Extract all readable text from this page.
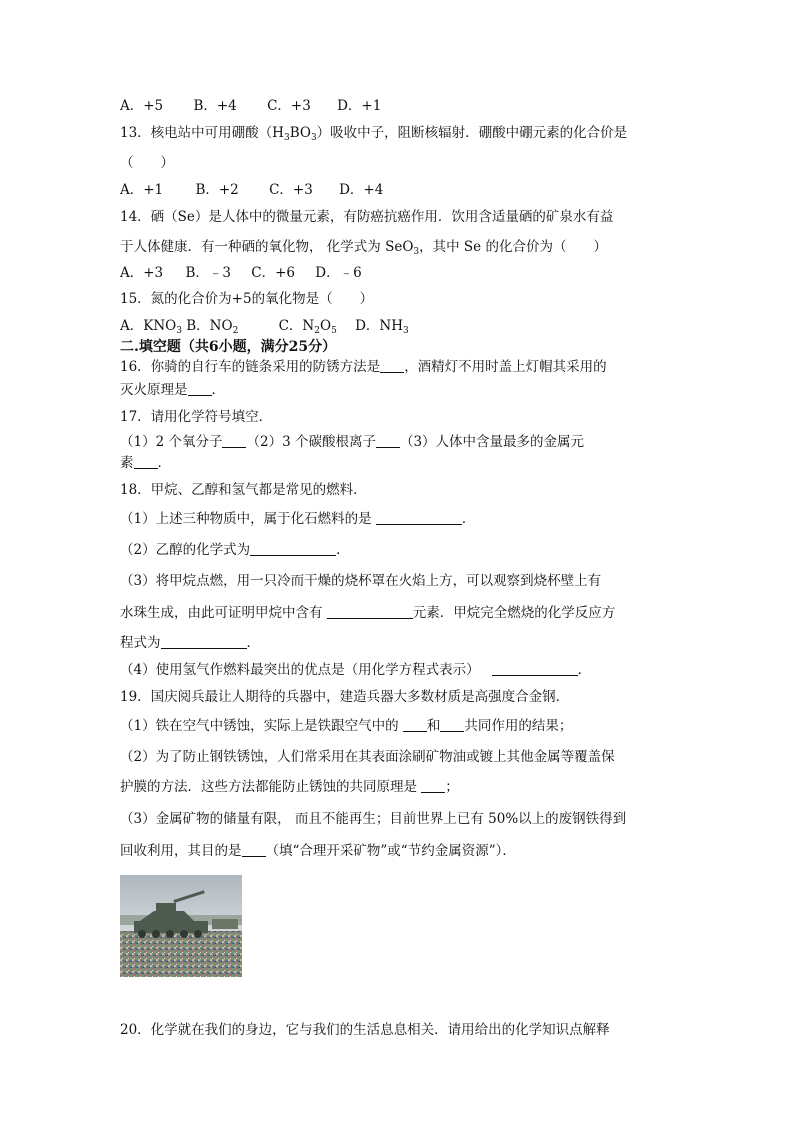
A．+5 B．+4 C．+3 D．+1
13．核电站中可用硼酸$(H_3BO_3)$吸收中子，阻断核辐射．硼酸中硼元素的化合价是
（　　）
A．+1 B．+2 C．+3 D．+4
14．硒（Se）是人体中的微量元素，有防癌抗癌作用．饮用含适量硒的矿泉水有益
于人体健康．有一种硒的氧化物， 化学式为 SeO$_3$，其中 Se 的化合价为（　　）
A．+3 B．﹣3 C．+6 D．﹣6
15．氮的化合价为+5的氧化物是（　　）
A．$KNO_3$ B．$NO_2$	C．$N_2O_5$ D．$NH_3$
二.填空题（共6小题，满分25分）
16．你骑的自行车的链条采用的防锈方法是 ，酒精灯不用时盖上灯帽其采用的
灭火原理是 ．
17．请用化学符号填空．
（1）2 个氧分子 （2）3 个碳酸根离子 （3）人体中含量最多的金属元
素 ．
18．甲烷、乙醇和氢气都是常见的燃料．
（1）上述三种物质中，属于化石燃料的是	．
（2）乙醇的化学式为	．
（3）将甲烷点燃，用一只冷而干燥的烧杯罩在火焰上方，可以观察到烧杯壁上有
水珠生成，由此可证明甲烷中含有	元素．甲烷完全燃烧的化学反应方
程式为	．
（4）使用氢气作燃料最突出的优点是（用化学方程式表示）	．
19．国庆阅兵最让人期待的兵器中，建造兵器大多数材质是高强度合金钢．
（1）铁在空气中锈蚀，实际上是铁跟空气中的 和 共同作用的结果；
（2）为了防止钢铁锈蚀，人们常采用在其表面涂刷矿物油或镀上其他金属等覆盖保
护膜的方法．这些方法都能防止锈蚀的共同原理是 ；
（3）金属矿物的储量有限， 而且不能再生；目前世界上已有 50%以上的废钢铁得到
回收利用，其目的是 （填“合理开采矿物”或“节约金属资源”）．
20．化学就在我们的身边，它与我们的生活息息相关．请用给出的化学知识点解释
